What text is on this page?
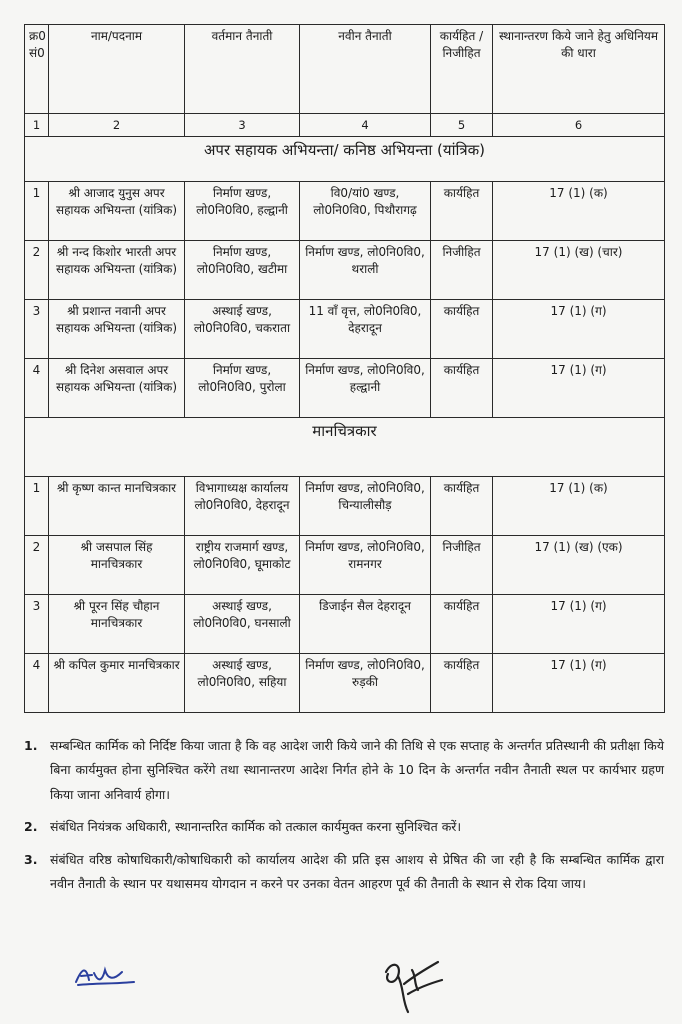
क्र0 सं0	नाम/पदनाम	वर्तमान तैनाती	नवीन तैनाती	कार्यहित / निजीहित	स्थानान्तरण किये जाने हेतु अधिनियम की धारा
1	2	3	4	5	6
अपर सहायक अभियन्ता/ कनिष्ठ अभियन्ता (यांत्रिक)					
1	श्री आजाद युनुस अपर सहायक अभियन्ता (यांत्रिक)	निर्माण खण्ड, लो0नि0वि0, हल्द्वानी	वि0/यां0 खण्ड, लो0नि0वि0, पिथौरागढ़	कार्यहित	17 (1) (क)
2	श्री नन्द किशोर भारती अपर सहायक अभियन्ता (यांत्रिक)	निर्माण खण्ड, लो0नि0वि0, खटीमा	निर्माण खण्ड, लो0नि0वि0, थराली	निजीहित	17 (1) (ख) (चार)
3	श्री प्रशान्त नवानी अपर सहायक अभियन्ता (यांत्रिक)	अस्थाई खण्ड, लो0नि0वि0, चकराता	11 वॉं वृत्त, लो0नि0वि0, देहरादून	कार्यहित	17 (1) (ग)
4	श्री दिनेश असवाल अपर सहायक अभियन्ता (यांत्रिक)	निर्माण खण्ड, लो0नि0वि0, पुरोला	निर्माण खण्ड, लो0नि0वि0, हल्द्वानी	कार्यहित	17 (1) (ग)
मानचित्रकार					
1	श्री कृष्ण कान्त मानचित्रकार	विभागाध्यक्ष कार्यालय लो0नि0वि0, देहरादून	निर्माण खण्ड, लो0नि0वि0, चिन्यालीसौड़	कार्यहित	17 (1) (क)
2	श्री जसपाल सिंह मानचित्रकार	राष्ट्रीय राजमार्ग खण्ड, लो0नि0वि0, घूमाकोट	निर्माण खण्ड, लो0नि0वि0, रामनगर	निजीहित	17 (1) (ख) (एक)
3	श्री पूरन सिंह चौहान मानचित्रकार	अस्थाई खण्ड, लो0नि0वि0, घनसाली	डिजाईन सैल देहरादून	कार्यहित	17 (1) (ग)
4	श्री कपिल कुमार मानचित्रकार	अस्थाई खण्ड, लो0नि0वि0, सहिया	निर्माण खण्ड, लो0नि0वि0, रुड़की	कार्यहित	17 (1) (ग)
1.	सम्बन्धित कार्मिक को निर्दिष्ट किया जाता है कि वह आदेश जारी किये जाने की तिथि से एक सप्ताह के अन्तर्गत प्रतिस्थानी की प्रतीक्षा किये बिना कार्यमुक्त होना सुनिश्चित करेंगे तथा स्थानान्तरण आदेश निर्गत होने के 10 दिन के अन्तर्गत नवीन तैनाती स्थल पर कार्यभार ग्रहण किया जाना अनिवार्य होगा।
2.	संबंधित नियंत्रक अधिकारी, स्थानान्तरित कार्मिक को तत्काल कार्यमुक्त करना सुनिश्चित करें।
3.	संबंधित वरिष्ठ कोषाधिकारी/कोषाधिकारी को कार्यालय आदेश की प्रति इस आशय से प्रेषित की जा रही है कि सम्बन्धित कार्मिक द्वारा नवीन तैनाती के स्थान पर यथासमय योगदान न करने पर उनका वेतन आहरण पूर्व की तैनाती के स्थान से रोक दिया जाय।
